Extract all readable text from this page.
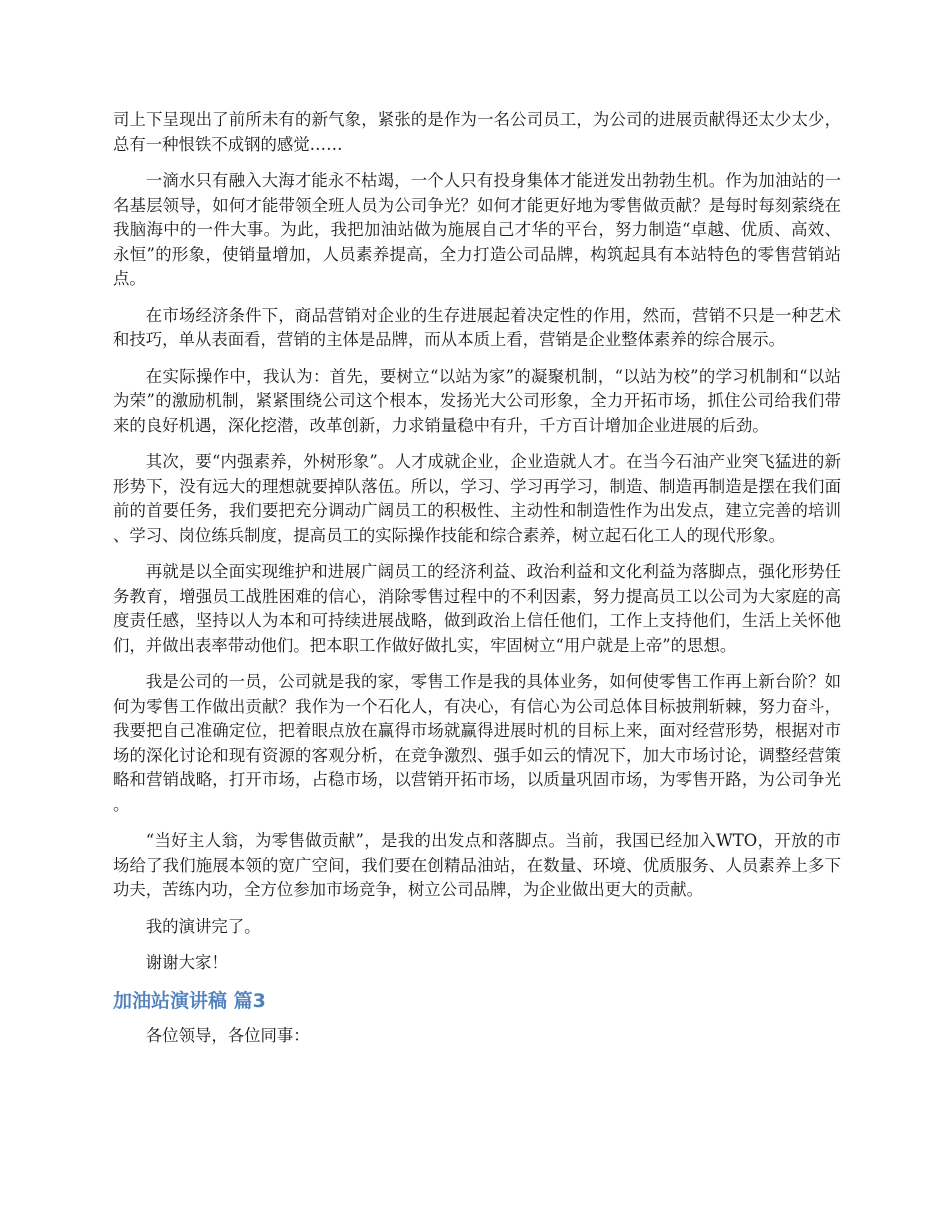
司上下呈现出了前所未有的新气象，紧张的是作为一名公司员工，为公司的进展贡献得还太少太少，总有一种恨铁不成钢的感觉……

一滴水只有融入大海才能永不枯竭，一个人只有投身集体才能迸发出勃勃生机。作为加油站的一名基层领导，如何才能带领全班人员为公司争光？如何才能更好地为零售做贡献？是每时每刻萦绕在我脑海中的一件大事。为此，我把加油站做为施展自己才华的平台，努力制造“卓越、优质、高效、永恒”的形象，使销量增加，人员素养提高，全力打造公司品牌，构筑起具有本站特色的零售营销站点。

在市场经济条件下，商品营销对企业的生存进展起着决定性的作用，然而，营销不只是一种艺术和技巧，单从表面看，营销的主体是品牌，而从本质上看，营销是企业整体素养的综合展示。

在实际操作中，我认为：首先，要树立“以站为家”的凝聚机制，“以站为校”的学习机制和“以站为荣”的激励机制，紧紧围绕公司这个根本，发扬光大公司形象，全力开拓市场，抓住公司给我们带来的良好机遇，深化挖潜，改革创新，力求销量稳中有升，千方百计增加企业进展的后劲。

其次，要“内强素养，外树形象”。人才成就企业，企业造就人才。在当今石油产业突飞猛进的新形势下，没有远大的理想就要掉队落伍。所以，学习、学习再学习，制造、制造再制造是摆在我们面前的首要任务，我们要把充分调动广阔员工的积极性、主动性和制造性作为出发点，建立完善的培训、学习、岗位练兵制度，提高员工的实际操作技能和综合素养，树立起石化工人的现代形象。

再就是以全面实现维护和进展广阔员工的经济利益、政治利益和文化利益为落脚点，强化形势任务教育，增强员工战胜困难的信心，消除零售过程中的不利因素，努力提高员工以公司为大家庭的高度责任感，坚持以人为本和可持续进展战略，做到政治上信任他们，工作上支持他们，生活上关怀他们，并做出表率带动他们。把本职工作做好做扎实，牢固树立“用户就是上帝”的思想。

我是公司的一员，公司就是我的家，零售工作是我的具体业务，如何使零售工作再上新台阶？如何为零售工作做出贡献？我作为一个石化人，有决心，有信心为公司总体目标披荆斩棘，努力奋斗，我要把自己准确定位，把着眼点放在赢得市场就赢得进展时机的目标上来，面对经营形势，根据对市场的深化讨论和现有资源的客观分析，在竞争激烈、强手如云的情况下，加大市场讨论，调整经营策略和营销战略，打开市场，占稳市场，以营销开拓市场，以质量巩固市场，为零售开路，为公司争光。

“当好主人翁，为零售做贡献”，是我的出发点和落脚点。当前，我国已经加入WTO，开放的市场给了我们施展本领的宽广空间，我们要在创精品油站，在数量、环境、优质服务、人员素养上多下功夫，苦练内功，全方位参加市场竞争，树立公司品牌，为企业做出更大的贡献。

我的演讲完了。

谢谢大家！

加油站演讲稿 篇3

各位领导，各位同事：
